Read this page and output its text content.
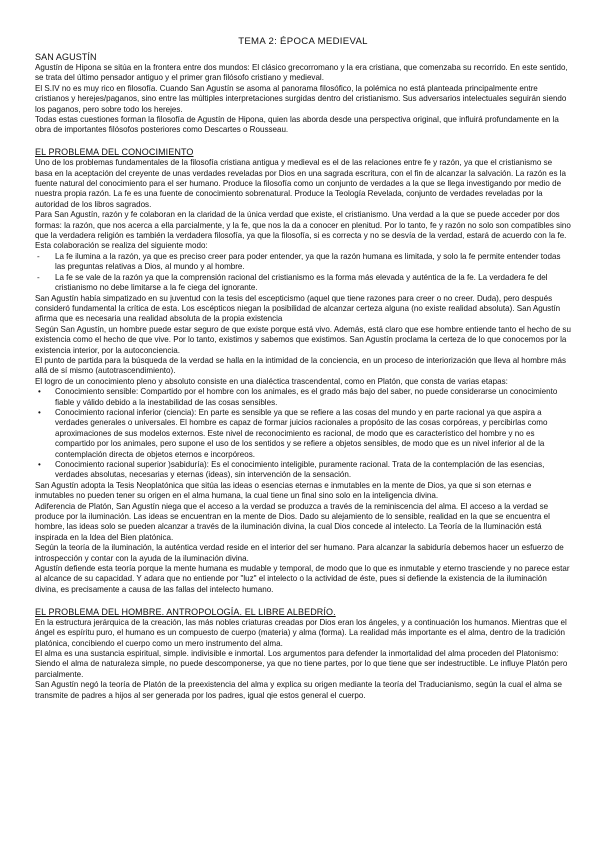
TEMA 2: ÉPOCA MEDIEVAL
SAN AGUSTÍN

Agustín de Hipona se sitúa en la frontera entre dos mundos: El clásico grecorromano y la era cristiana, que comenzaba su recorrido. En este sentido, se trata del último pensador antiguo y el primer gran filósofo cristiano y medieval.

El S.IV no es muy rico en filosofía. Cuando San Agustín se asoma al panorama filosófico, la polémica no está planteada principalmente entre cristianos y herejes/paganos, sino entre las múltiples interpretaciones surgidas dentro del cristianismo. Sus adversarios intelectuales seguirán siendo los paganos, pero sobre todo los herejes.

Todas estas cuestiones forman la filosofía de Agustín de Hipona, quien las aborda desde una perspectiva original, que influirá profundamente en la obra de importantes filósofos posteriores como Descartes o Rousseau.

EL PROBLEMA DEL CONOCIMIENTO

Uno de los problemas fundamentales de la filosofía cristiana antigua y medieval es el de las relaciones entre fe y razón, ya que el cristianismo se basa en la aceptación del creyente de unas verdades reveladas por Dios en una sagrada escritura, con el fin de alcanzar la salvación. La razón es la fuente natural del conocimiento para el ser humano. Produce la filosofía como un conjunto de verdades a la que se llega investigando por medio de nuestra propia razón. La fe es una fuente de conocimiento sobrenatural. Produce la Teología Revelada, conjunto de verdades reveladas por la autoridad de los libros sagrados.

Para San Agustín, razón y fe colaboran en la claridad de la única verdad que existe, el cristianismo. Una verdad a la que se puede acceder por dos formas: la razón, que nos acerca a ella parcialmente, y la fe, que nos la da a conocer en plenitud. Por lo tanto, fe y razón no solo son compatibles sino que la verdadera religión es también la verdadera filosofía, ya que la filosofía, si es correcta y no se desvía de la verdad, estará de acuerdo con la fe. Esta colaboración se realiza del siguiente modo:

- La fe ilumina a la razón, ya que es preciso creer para poder entender, ya que la razón humana es limitada, y solo la fe permite entender todas las preguntas relativas a Dios, al mundo y al hombre.
- La fe se vale de la razón ya que la comprensión racional del cristianismo es la forma más elevada y auténtica de la fe. La verdadera fe del cristianismo no debe limitarse a la fe ciega del ignorante.

San Agustín había simpatizado en su juventud con la tesis del escepticismo (aquel que tiene razones para creer o no creer. Duda), pero después consideró fundamental la crítica de esta. Los escépticos niegan la posibilidad de alcanzar certeza alguna (no existe realidad absoluta). San Agustín afirma que es necesaria una realidad absoluta de la propia existencia

Según San Agustín, un hombre puede estar seguro de que existe porque está vivo. Además, está claro que ese hombre entiende tanto el hecho de su existencia como el hecho de que vive. Por lo tanto, existimos y sabemos que existimos. San Agustín proclama la certeza de lo que conocemos por la existencia interior, por la autoconciencia.

El punto de partida para la búsqueda de la verdad se halla en la intimidad de la conciencia, en un proceso de interiorización que lleva al hombre más allá de sí mismo (autotrascendimiento).

El logro de un conocimiento pleno y absoluto consiste en una dialéctica trascendental, como en Platón, que consta de varias etapas:

• Conocimiento sensible: Compartido por el hombre con los animales, es el grado más bajo del saber, no puede considerarse un conocimiento fiable y válido debido a la inestabilidad de las cosas sensibles.
• Conocimiento racional inferior (ciencia): En parte es sensible ya que se refiere a las cosas del mundo y en parte racional ya que aspira a verdades generales o universales. El hombre es capaz de formar juicios racionales a propósito de las cosas corpóreas, y percibirlas como aproximaciones de sus modelos externos. Este nivel de reconocimiento es racional, de modo que es característico del hombre y no es compartido por los animales, pero supone el uso de los sentidos y se refiere a objetos sensibles, de modo que es un nivel inferior al de la contemplación directa de objetos eternos e incorpóreos.
• Conocimiento racional superior )sabiduría): Es el conocimiento inteligible, puramente racional. Trata de la contemplación de las esencias, verdades absolutas, necesarias y eternas (ideas), sin intervención de la sensación.

San Agustín adopta la Tesis Neoplatónica que sitúa las ideas o esencias eternas e inmutables en la mente de Dios, ya que si son eternas e inmutables no pueden tener su origen en el alma humana, la cual tiene un final sino solo en la inteligencia divina.

Adiferencia de Platón, San Agustín niega que el acceso a la verdad se produzca a través de la reminiscencia del alma. El acceso a la verdad se produce por la iluminación. Las ideas se encuentran en la mente de Dios. Dado su alejamiento de lo sensible, realidad en la que se encuentra el hombre, las ideas solo se pueden alcanzar a través de la iluminación divina, la cual Dios concede al intelecto. La Teoría de la Iluminación está inspirada en la Idea del Bien platónica.

Según la teoría de la iluminación, la auténtica verdad reside en el interior del ser humano. Para alcanzar la sabiduría debemos hacer un esfuerzo de introspección y contar con la ayuda de la iluminación divina.

Agustín defiende esta teoría porque la mente humana es mudable y temporal, de modo que lo que es inmutable y eterno trasciende y no parece estar al alcance de su capacidad. Y adara que no entiende por "luz" el intelecto o la actividad de éste, pues si defiende la existencia de la iluminación divina, es precisamente a causa de las fallas del intelecto humano.

EL PROBLEMA DEL HOMBRE. ANTROPOLOGÍA. EL LIBRE ALBEDRÍO.

En la estructura jerárquica de la creación, las más nobles criaturas creadas por Dios eran los ángeles, y a continuación los humanos. Mientras que el ángel es espíritu puro, el humano es un compuesto de cuerpo (materia) y alma (forma). La realidad más importante es el alma, dentro de la tradición platónica, concibiendo el cuerpo como un mero instrumento del alma.

El alma es una sustancia espiritual, simple. indivisible e inmortal. Los argumentos para defender la inmortalidad del alma proceden del Platonismo: Siendo el alma de naturaleza simple, no puede descomponerse, ya que no tiene partes, por lo que tiene que ser indestructible. Le influye Platón pero parcialmente.

San Agustín negó la teoría de Platón de la preexistencia del alma y explica su origen mediante la teoría del Traducianismo, según la cual el alma se transmite de padres a hijos al ser generada por los padres, igual qie estos general el cuerpo.
